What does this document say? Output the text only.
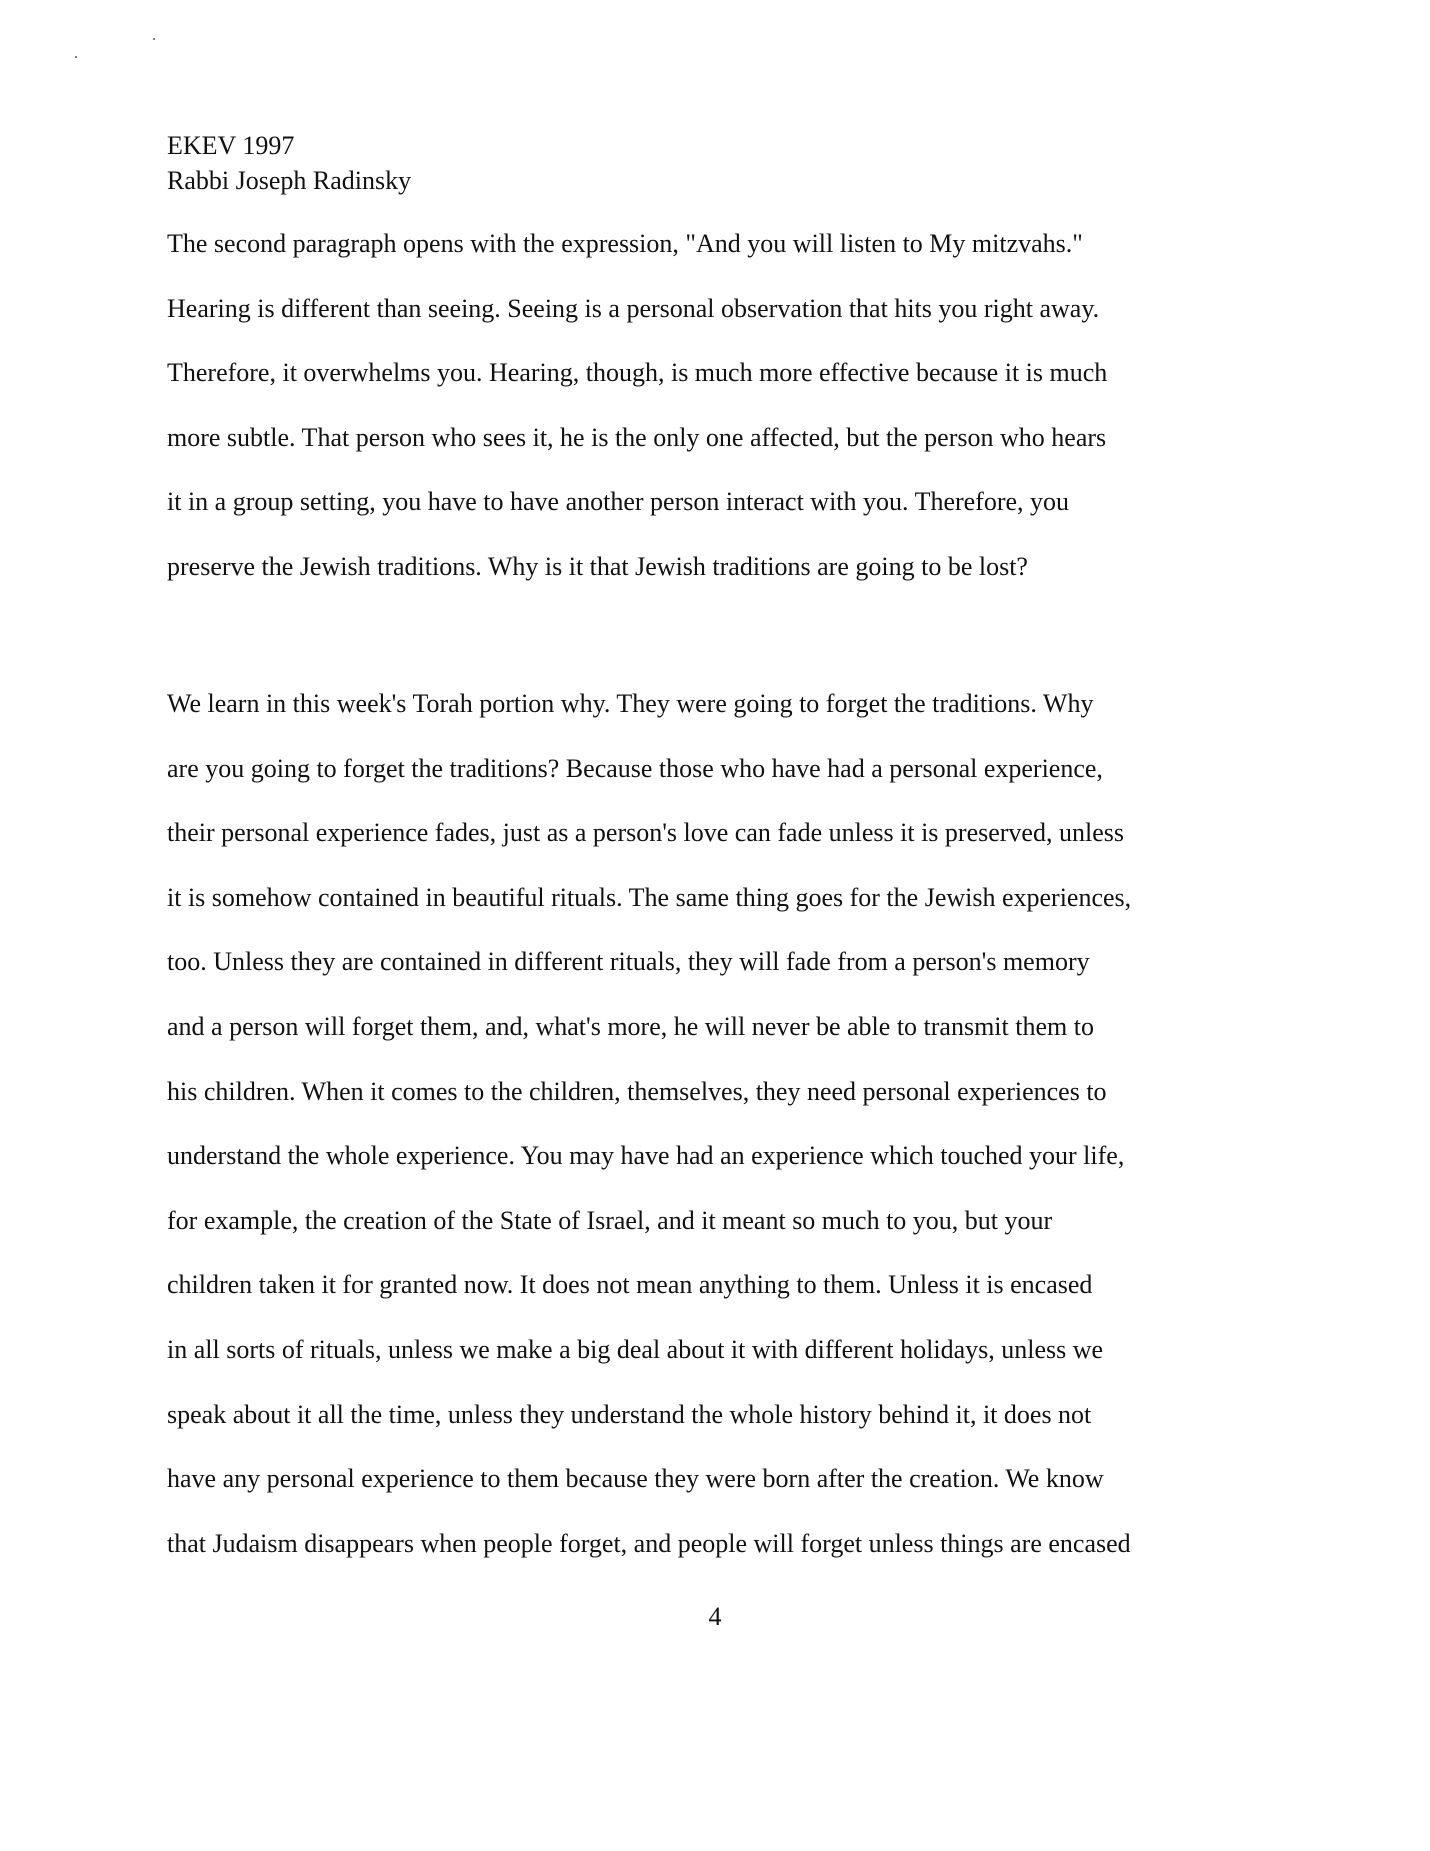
EKEV 1997
Rabbi Joseph Radinsky
The second paragraph opens with the expression, "And you will listen to My mitzvahs."
Hearing is different than seeing. Seeing is a personal observation that hits you right away.
Therefore, it overwhelms you. Hearing, though, is much more effective because it is much
more subtle. That person who sees it, he is the only one affected, but the person who hears
it in a group setting, you have to have another person interact with you. Therefore, you
preserve the Jewish traditions. Why is it that Jewish traditions are going to be lost?
We learn in this week's Torah portion why. They were going to forget the traditions. Why
are you going to forget the traditions? Because those who have had a personal experience,
their personal experience fades, just as a person's love can fade unless it is preserved, unless
it is somehow contained in beautiful rituals. The same thing goes for the Jewish experiences,
too. Unless they are contained in different rituals, they will fade from a person's memory
and a person will forget them, and, what's more, he will never be able to transmit them to
his children. When it comes to the children, themselves, they need personal experiences to
understand the whole experience. You may have had an experience which touched your life,
for example, the creation of the State of Israel, and it meant so much to you, but your
children taken it for granted now. It does not mean anything to them. Unless it is encased
in all sorts of rituals, unless we make a big deal about it with different holidays, unless we
speak about it all the time, unless they understand the whole history behind it, it does not
have any personal experience to them because they were born after the creation. We know
that Judaism disappears when people forget, and people will forget unless things are encased
4
